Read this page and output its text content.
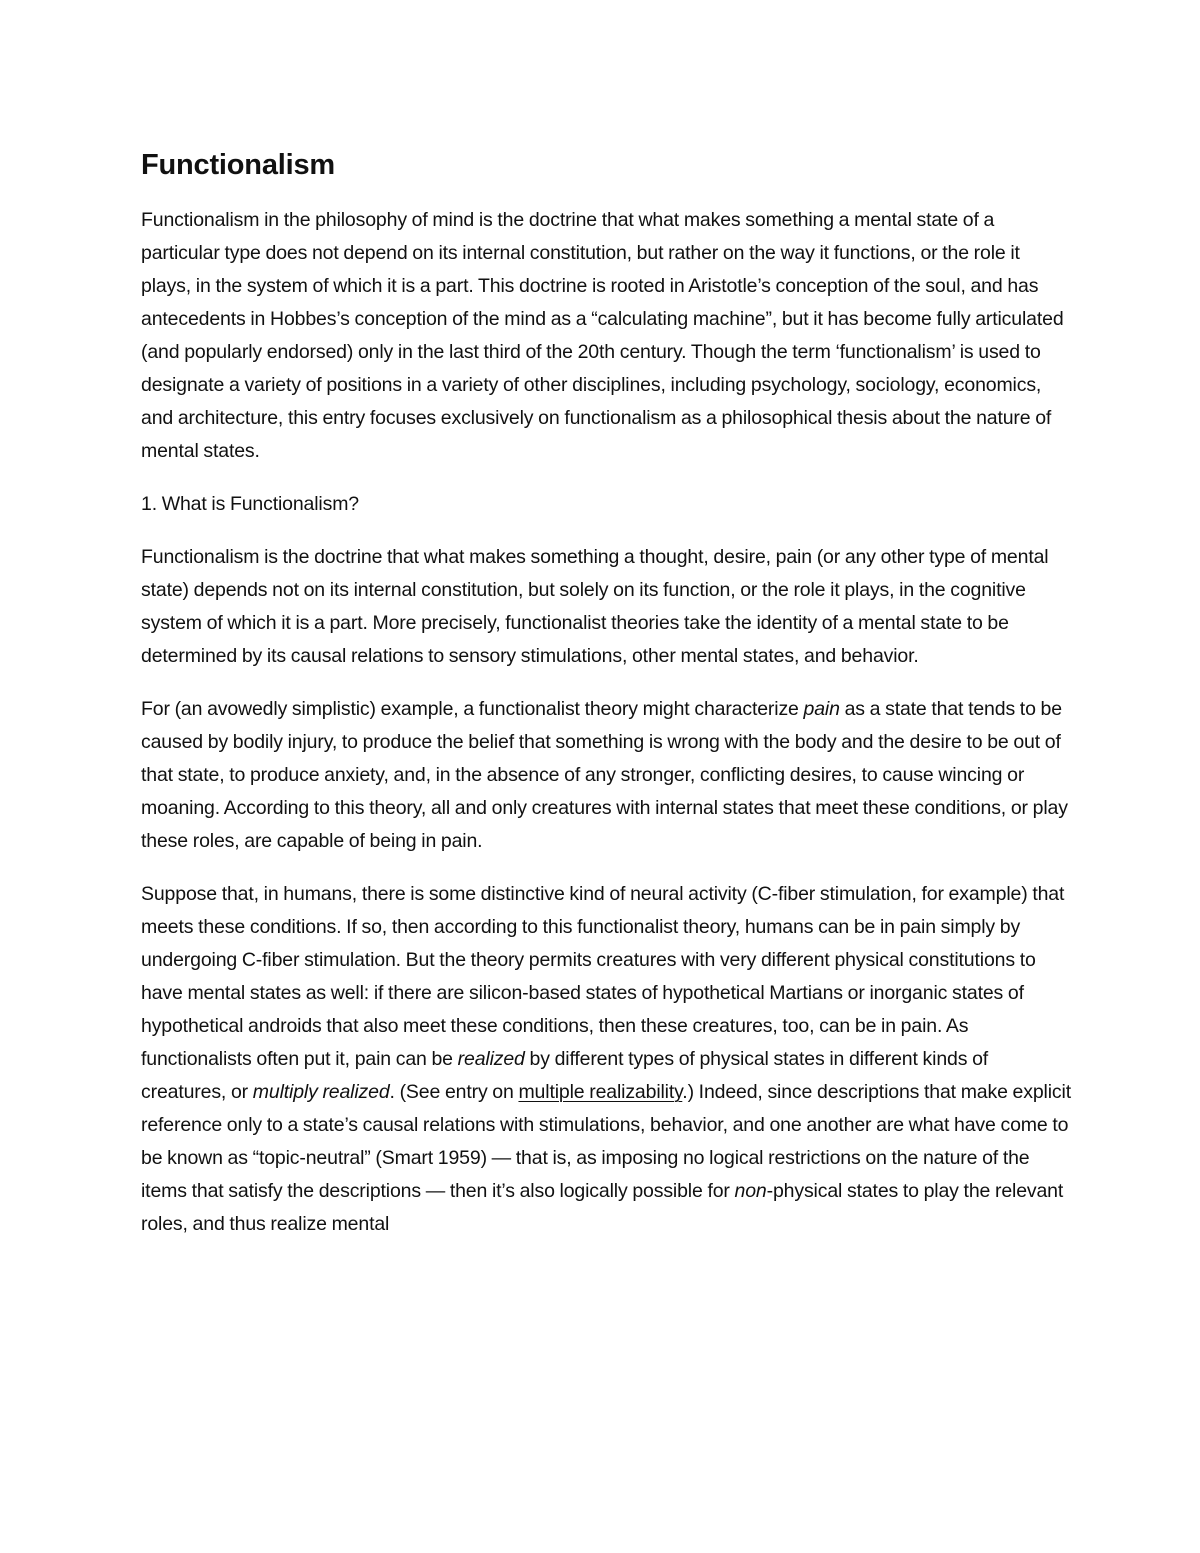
Functionalism

Functionalism in the philosophy of mind is the doctrine that what makes something a mental state of a particular type does not depend on its internal constitution, but rather on the way it functions, or the role it plays, in the system of which it is a part. This doctrine is rooted in Aristotle’s conception of the soul, and has antecedents in Hobbes’s conception of the mind as a “calculating machine”, but it has become fully articulated (and popularly endorsed) only in the last third of the 20th century. Though the term ‘functionalism’ is used to designate a variety of positions in a variety of other disciplines, including psychology, sociology, economics, and architecture, this entry focuses exclusively on functionalism as a philosophical thesis about the nature of mental states.

1. What is Functionalism?

Functionalism is the doctrine that what makes something a thought, desire, pain (or any other type of mental state) depends not on its internal constitution, but solely on its function, or the role it plays, in the cognitive system of which it is a part. More precisely, functionalist theories take the identity of a mental state to be determined by its causal relations to sensory stimulations, other mental states, and behavior.

For (an avowedly simplistic) example, a functionalist theory might characterize pain as a state that tends to be caused by bodily injury, to produce the belief that something is wrong with the body and the desire to be out of that state, to produce anxiety, and, in the absence of any stronger, conflicting desires, to cause wincing or moaning. According to this theory, all and only creatures with internal states that meet these conditions, or play these roles, are capable of being in pain.

Suppose that, in humans, there is some distinctive kind of neural activity (C-fiber stimulation, for example) that meets these conditions. If so, then according to this functionalist theory, humans can be in pain simply by undergoing C-fiber stimulation. But the theory permits creatures with very different physical constitutions to have mental states as well: if there are silicon-based states of hypothetical Martians or inorganic states of hypothetical androids that also meet these conditions, then these creatures, too, can be in pain. As functionalists often put it, pain can be realized by different types of physical states in different kinds of creatures, or multiply realized. (See entry on multiple realizability.) Indeed, since descriptions that make explicit reference only to a state’s causal relations with stimulations, behavior, and one another are what have come to be known as “topic-neutral” (Smart 1959) — that is, as imposing no logical restrictions on the nature of the items that satisfy the descriptions — then it’s also logically possible for non-physical states to play the relevant roles, and thus realize mental
